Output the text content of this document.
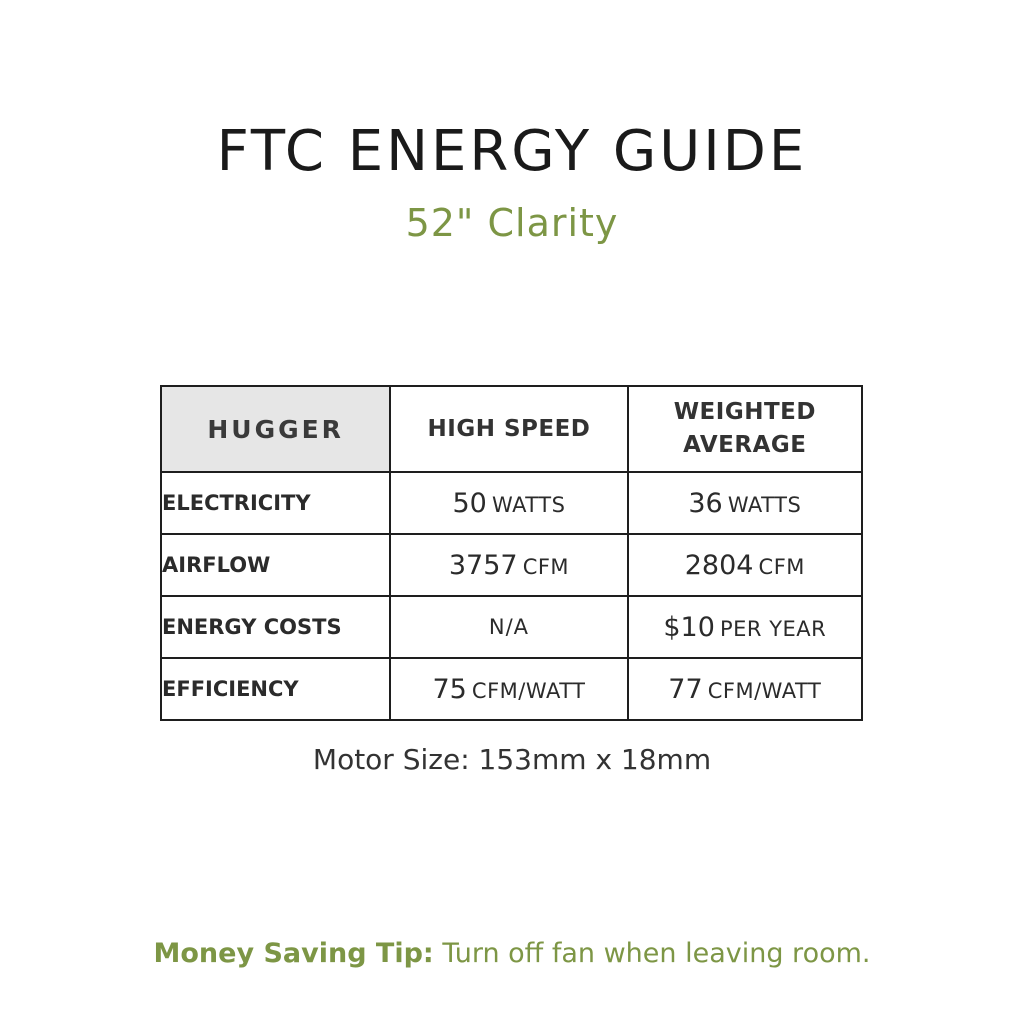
FTC ENERGY GUIDE
52" Clarity
HUGGER	HIGH SPEED	WEIGHTED
AVERAGE
ELECTRICITY	50 WATTS	36 WATTS
AIRFLOW	3757 CFM	2804 CFM
ENERGY COSTS	N/A	$10 PER YEAR
EFFICIENCY	75 CFM/WATT	77 CFM/WATT
Motor Size: 153mm x 18mm
Money Saving Tip: Turn off fan when leaving room.
